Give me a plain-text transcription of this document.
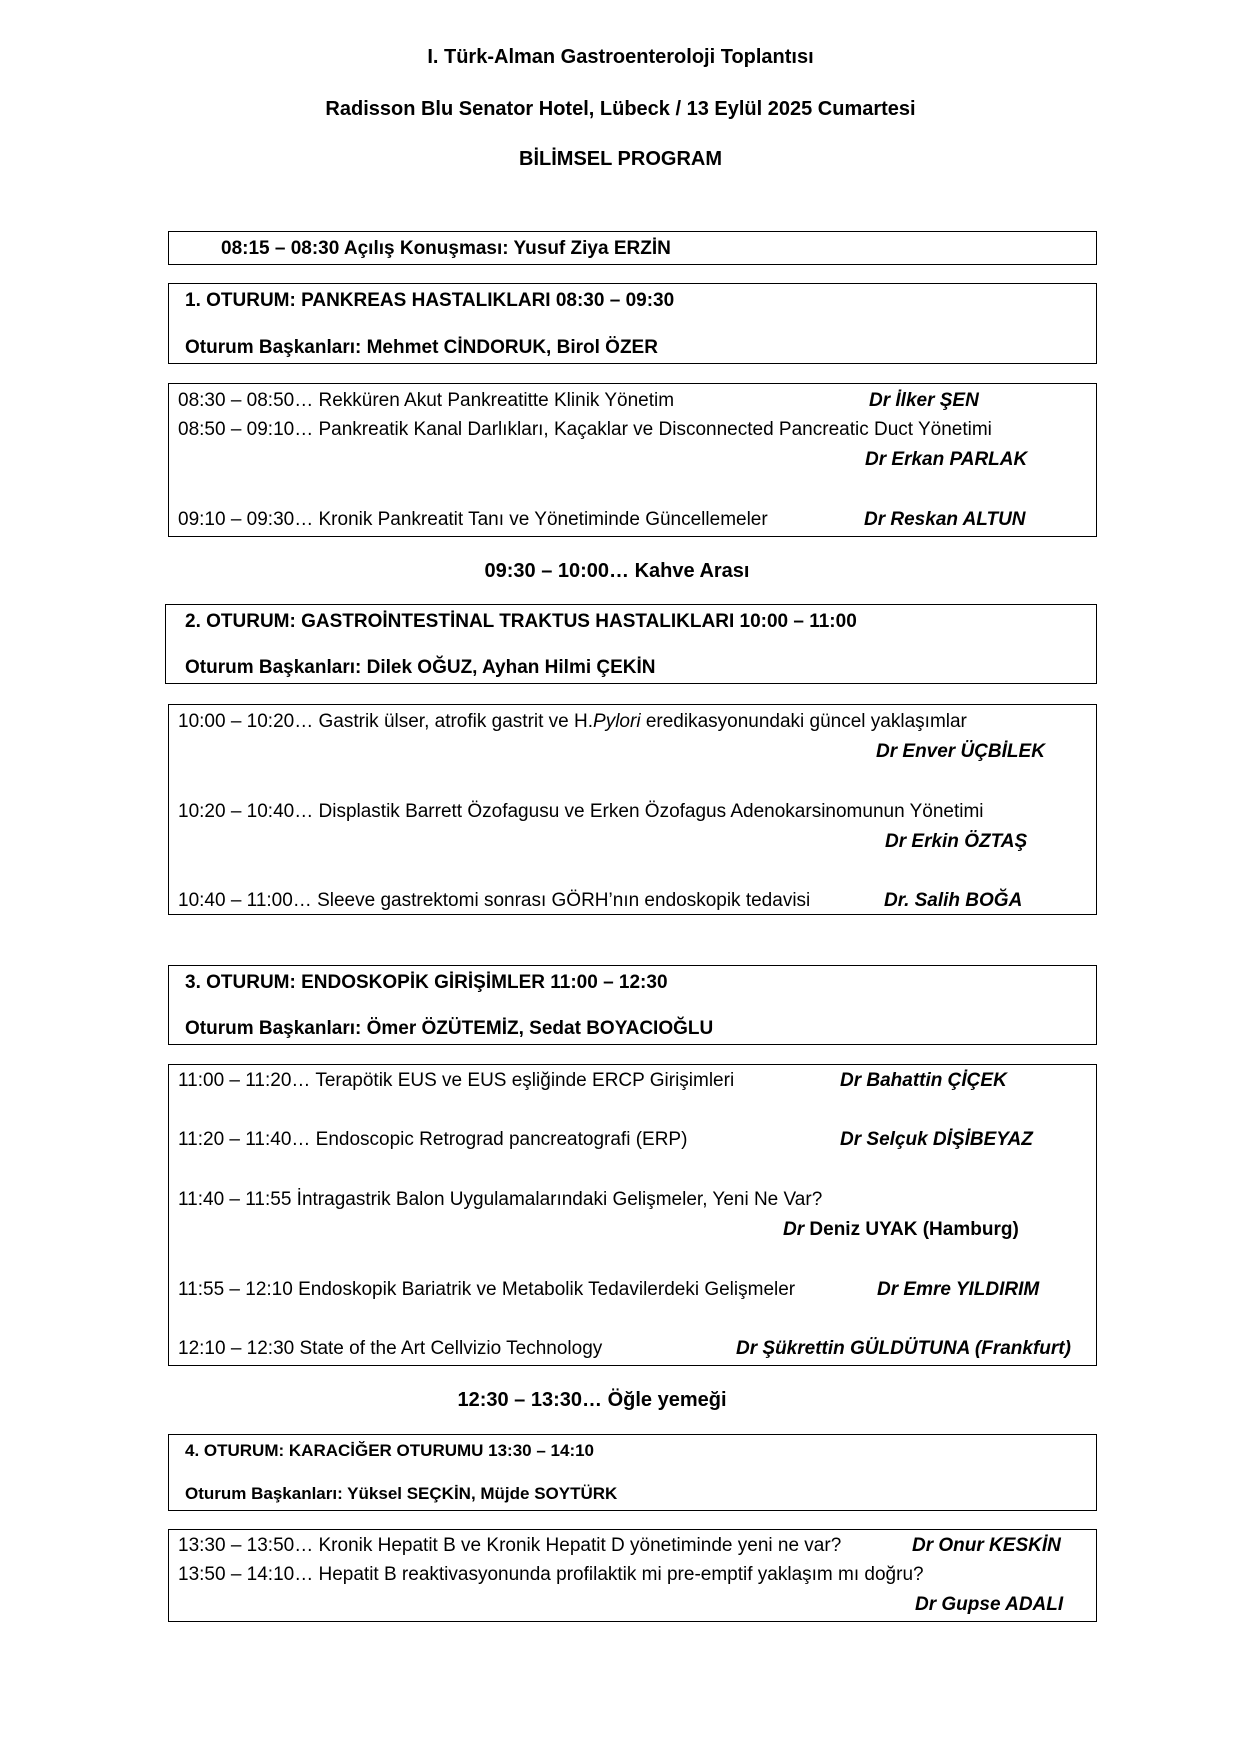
I. Türk-Alman Gastroenteroloji Toplantısı
Radisson Blu Senator Hotel, Lübeck / 13 Eylül 2025 Cumartesi
BİLİMSEL PROGRAM
08:15 – 08:30 Açılış Konuşması: Yusuf Ziya ERZİN
1. OTURUM: PANKREAS HASTALIKLARI 08:30 – 09:30
Oturum Başkanları: Mehmet CİNDORUK, Birol ÖZER
08:30 – 08:50… Rekküren Akut Pankreatitte Klinik Yönetim	Dr İlker ŞEN
08:50 – 09:10… Pankreatik Kanal Darlıkları, Kaçaklar ve Disconnected Pancreatic Duct Yönetimi
Dr Erkan PARLAK
09:10 – 09:30… Kronik Pankreatit Tanı ve Yönetiminde Güncellemeler	Dr Reskan ALTUN
09:30 – 10:00… Kahve Arası
2. OTURUM: GASTROİNTESTİNAL TRAKTUS HASTALIKLARI 10:00 – 11:00
Oturum Başkanları: Dilek OĞUZ, Ayhan Hilmi ÇEKİN
10:00 – 10:20… Gastrik ülser, atrofik gastrit ve H.Pylori eredikasyonundaki güncel yaklaşımlar
Dr Enver ÜÇBİLEK
10:20 – 10:40… Displastik Barrett Özofagusu ve Erken Özofagus Adenokarsinomunun Yönetimi
Dr Erkin ÖZTAŞ
10:40 – 11:00… Sleeve gastrektomi sonrası GÖRH’nın endoskopik tedavisi	Dr. Salih BOĞA
3. OTURUM: ENDOSKOPİK GİRİŞİMLER 11:00 – 12:30
Oturum Başkanları: Ömer ÖZÜTEMİZ, Sedat BOYACIOĞLU
11:00 – 11:20… Terapötik EUS ve EUS eşliğinde ERCP Girişimleri	Dr Bahattin ÇİÇEK
11:20 – 11:40… Endoscopic Retrograd pancreatografi (ERP)	Dr Selçuk DİŞİBEYAZ
11:40 – 11:55 İntragastrik Balon Uygulamalarındaki Gelişmeler, Yeni Ne Var?
Dr Deniz UYAK (Hamburg)
11:55 – 12:10 Endoskopik Bariatrik ve Metabolik Tedavilerdeki Gelişmeler	Dr Emre YILDIRIM
12:10 – 12:30 State of the Art Cellvizio Technology	Dr Şükrettin GÜLDÜTUNA (Frankfurt)
12:30 – 13:30… Öğle yemeği
4. OTURUM: KARACİĞER OTURUMU 13:30 – 14:10
Oturum Başkanları: Yüksel SEÇKİN, Müjde SOYTÜRK
13:30 – 13:50… Kronik Hepatit B ve Kronik Hepatit D yönetiminde yeni ne var?	Dr Onur KESKİN
13:50 – 14:10… Hepatit B reaktivasyonunda profilaktik mi pre-emptif yaklaşım mı doğru?
Dr Gupse ADALI
